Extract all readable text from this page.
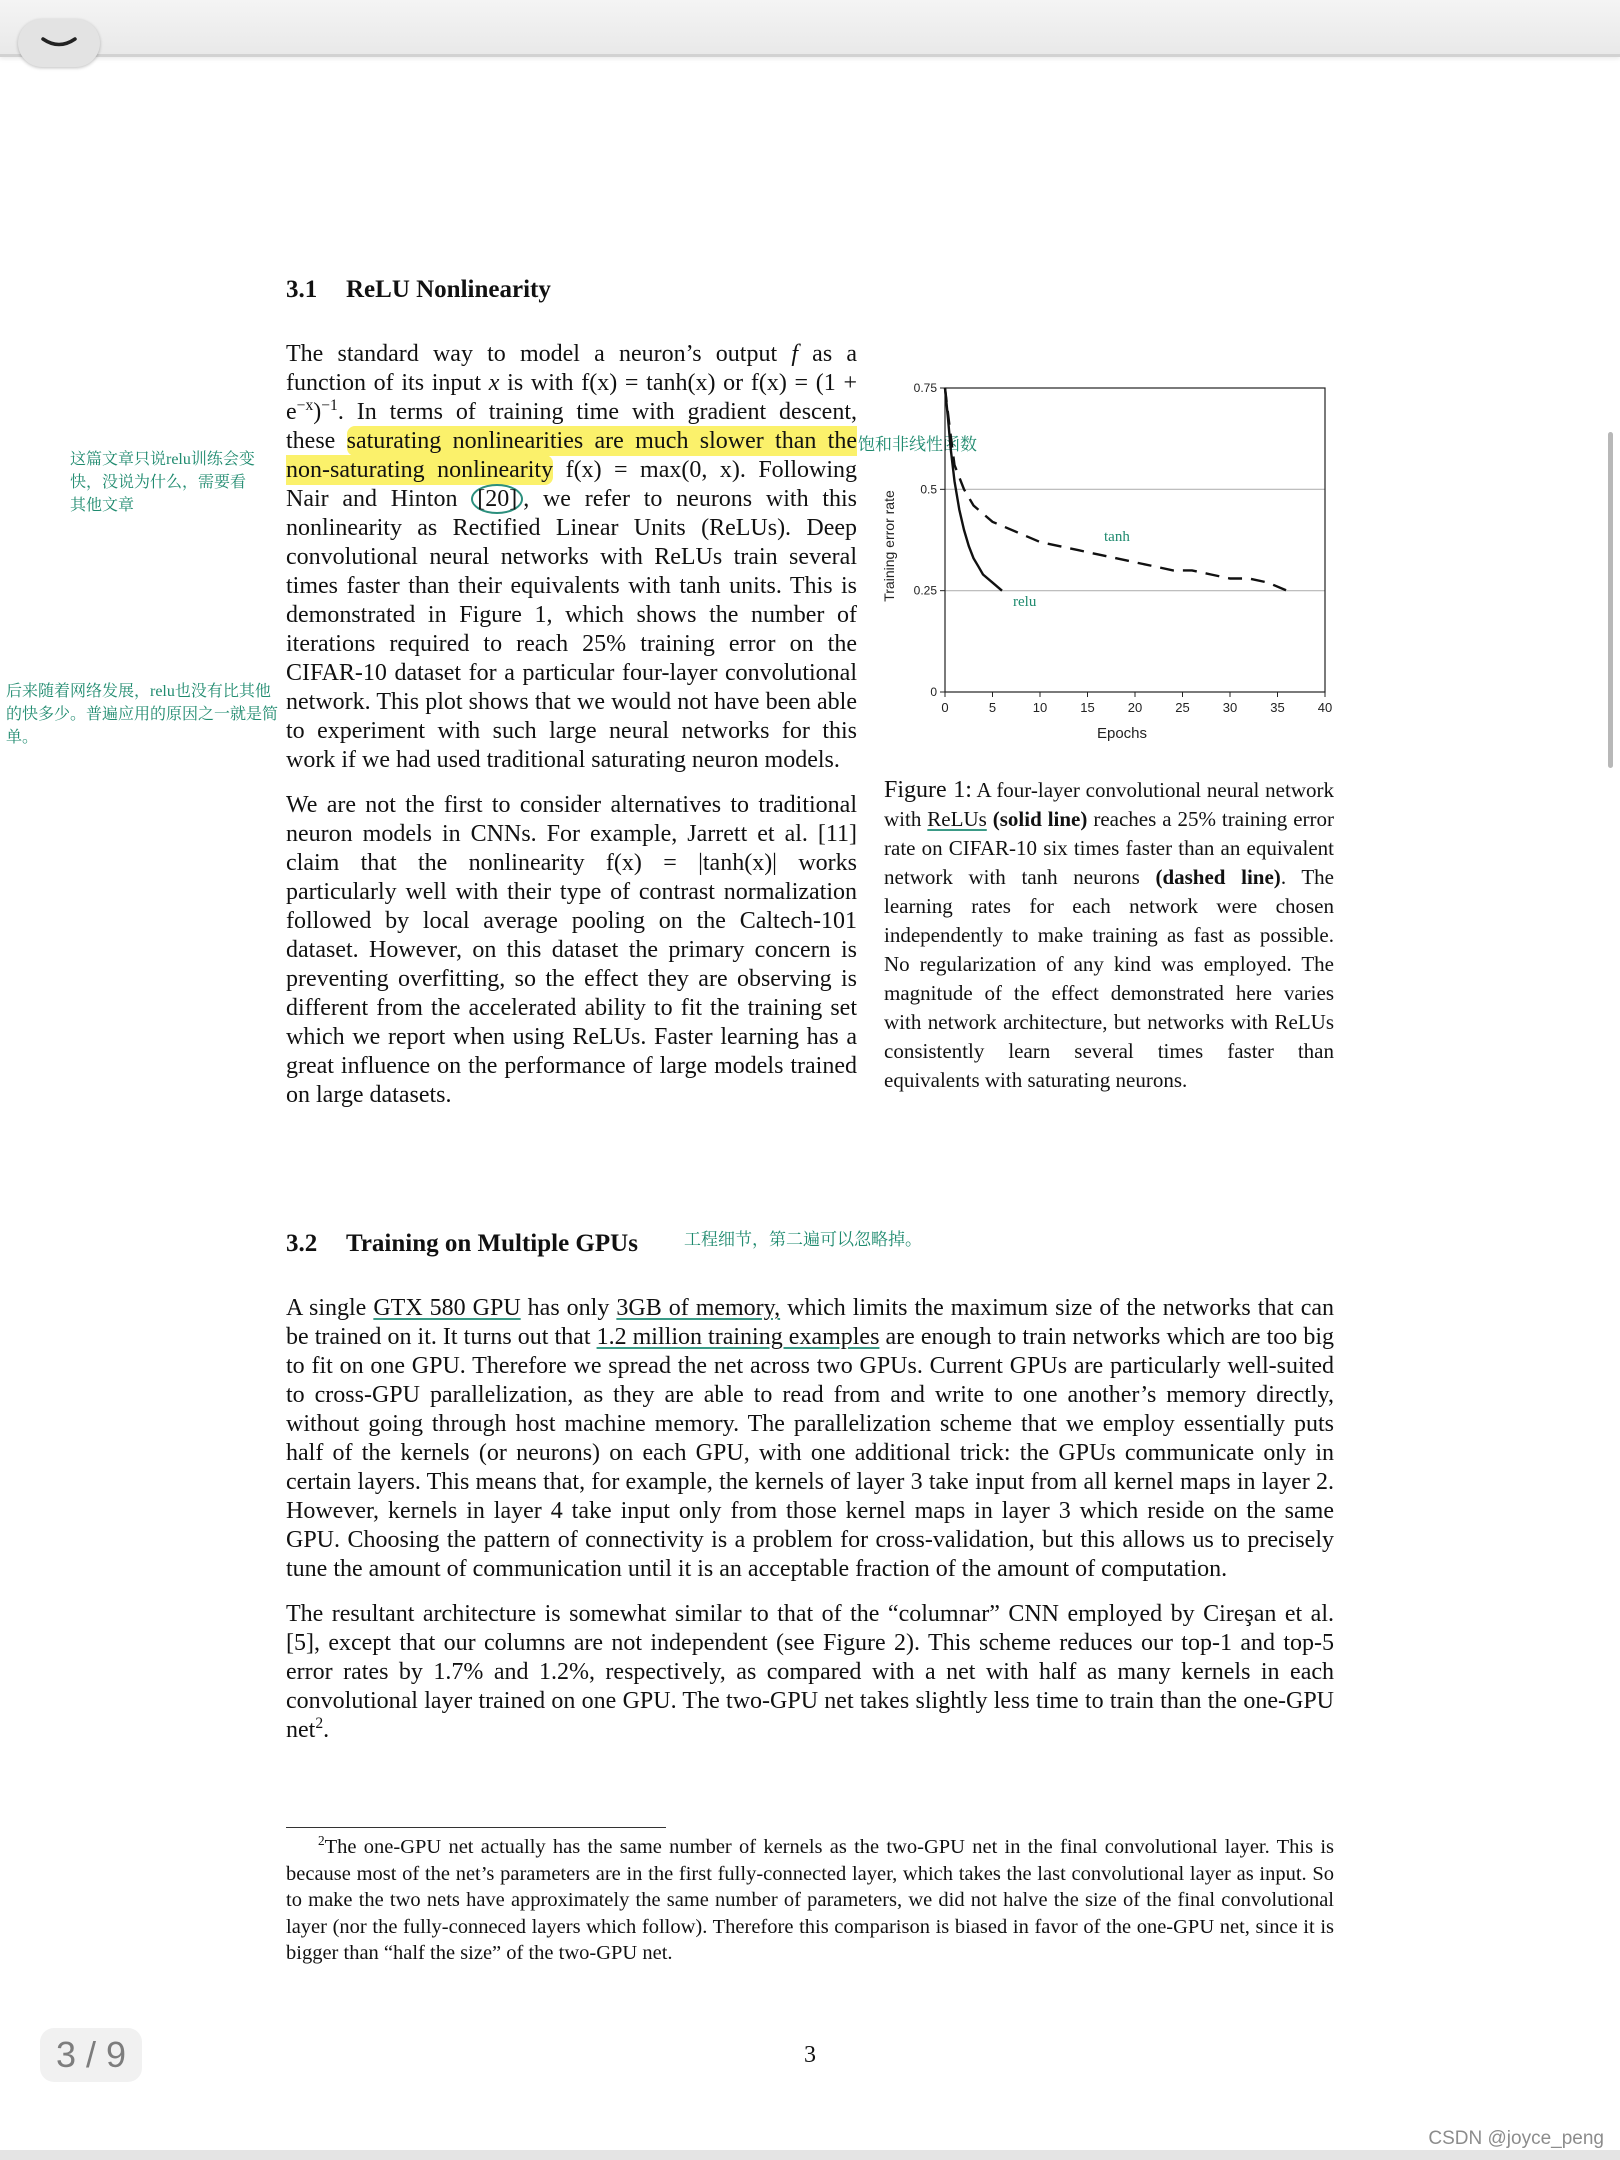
3.1 ReLU Nonlinearity

The standard way to model a neuron’s output f as a function of its input x is with f(x) = tanh(x) or $f(x) = (1 + e^{-x})^{-1}$. In terms of training time with gradient descent, these saturating nonlinearities are much slower than the non-saturating nonlinearity f(x) = max(0, x). Following Nair and Hinton [20] , we refer to neurons with this nonlinearity as Rectified Linear Units (ReLUs). Deep convolutional neural networks with ReLUs train several times faster than their equivalents with tanh units. This is demonstrated in Figure 1, which shows the number of iterations required to reach 25% training error on the CIFAR-10 dataset for a particular four-layer convolutional network. This plot shows that we would not have been able to experiment with such large neural networks for this work if we had used traditional saturating neuron models.

We are not the first to consider alternatives to traditional neuron models in CNNs. For example, Jarrett et al. [11] claim that the nonlinearity f(x) = |tanh(x)| works particularly well with their type of contrast normalization followed by local average pooling on the Caltech-101 dataset. However, on this dataset the primary concern is preventing overfitting, so the effect they are observing is different from the accelerated ability to fit the training set which we report when using ReLUs. Faster learning has a great influence on the performance of large models trained on large datasets.

这篇文章只说relu训练会变快，没说为什么，需要看其他文章
后来随着网络发展，relu也没有比其他的快多少。普遍应用的原因之一就是简单。
饱和非线性函数
工程细节，第二遍可以忽略掉。
0	5	10	15	20	25	30	35	40
0
0.25
0.5
0.75
Epochs
Training error rate	tanh
relu
Figure 1: A four-layer convolutional neural network with ReLUs (solid line) reaches a 25% training error rate on CIFAR-10 six times faster than an equivalent network with tanh neurons (dashed line). The learning rates for each network were chosen independently to make training as fast as possible. No regularization of any kind was employed. The magnitude of the effect demonstrated here varies with network architecture, but networks with ReLUs consistently learn several times faster than equivalents with saturating neurons.
3.2 Training on Multiple GPUs

A single GTX 580 GPU has only 3GB of memory, which limits the maximum size of the networks that can be trained on it. It turns out that 1.2 million training examples are enough to train networks which are too big to fit on one GPU. Therefore we spread the net across two GPUs. Current GPUs are particularly well-suited to cross-GPU parallelization, as they are able to read from and write to one another’s memory directly, without going through host machine memory. The parallelization scheme that we employ essentially puts half of the kernels (or neurons) on each GPU, with one additional trick: the GPUs communicate only in certain layers. This means that, for example, the kernels of layer 3 take input from all kernel maps in layer 2. However, kernels in layer 4 take input only from those kernel maps in layer 3 which reside on the same GPU. Choosing the pattern of connectivity is a problem for cross-validation, but this allows us to precisely tune the amount of communication until it is an acceptable fraction of the amount of computation.

The resultant architecture is somewhat similar to that of the “columnar” CNN employed by Cireşan et al. [5], except that our columns are not independent (see Figure 2). This scheme reduces our top-1 and top-5 error rates by 1.7% and 1.2%, respectively, as compared with a net with half as many kernels in each convolutional layer trained on one GPU. The two-GPU net takes slightly less time to train than the one-GPU net$^2$.

$^2$The one-GPU net actually has the same number of kernels as the two-GPU net in the final convolutional layer. This is because most of the net’s parameters are in the first fully-connected layer, which takes the last convolutional layer as input. So to make the two nets have approximately the same number of parameters, we did not halve the size of the final convolutional layer (nor the fully-conneced layers which follow). Therefore this comparison is biased in favor of the one-GPU net, since it is bigger than “half the size” of the two-GPU net.

3
3 / 9
CSDN @joyce_peng
